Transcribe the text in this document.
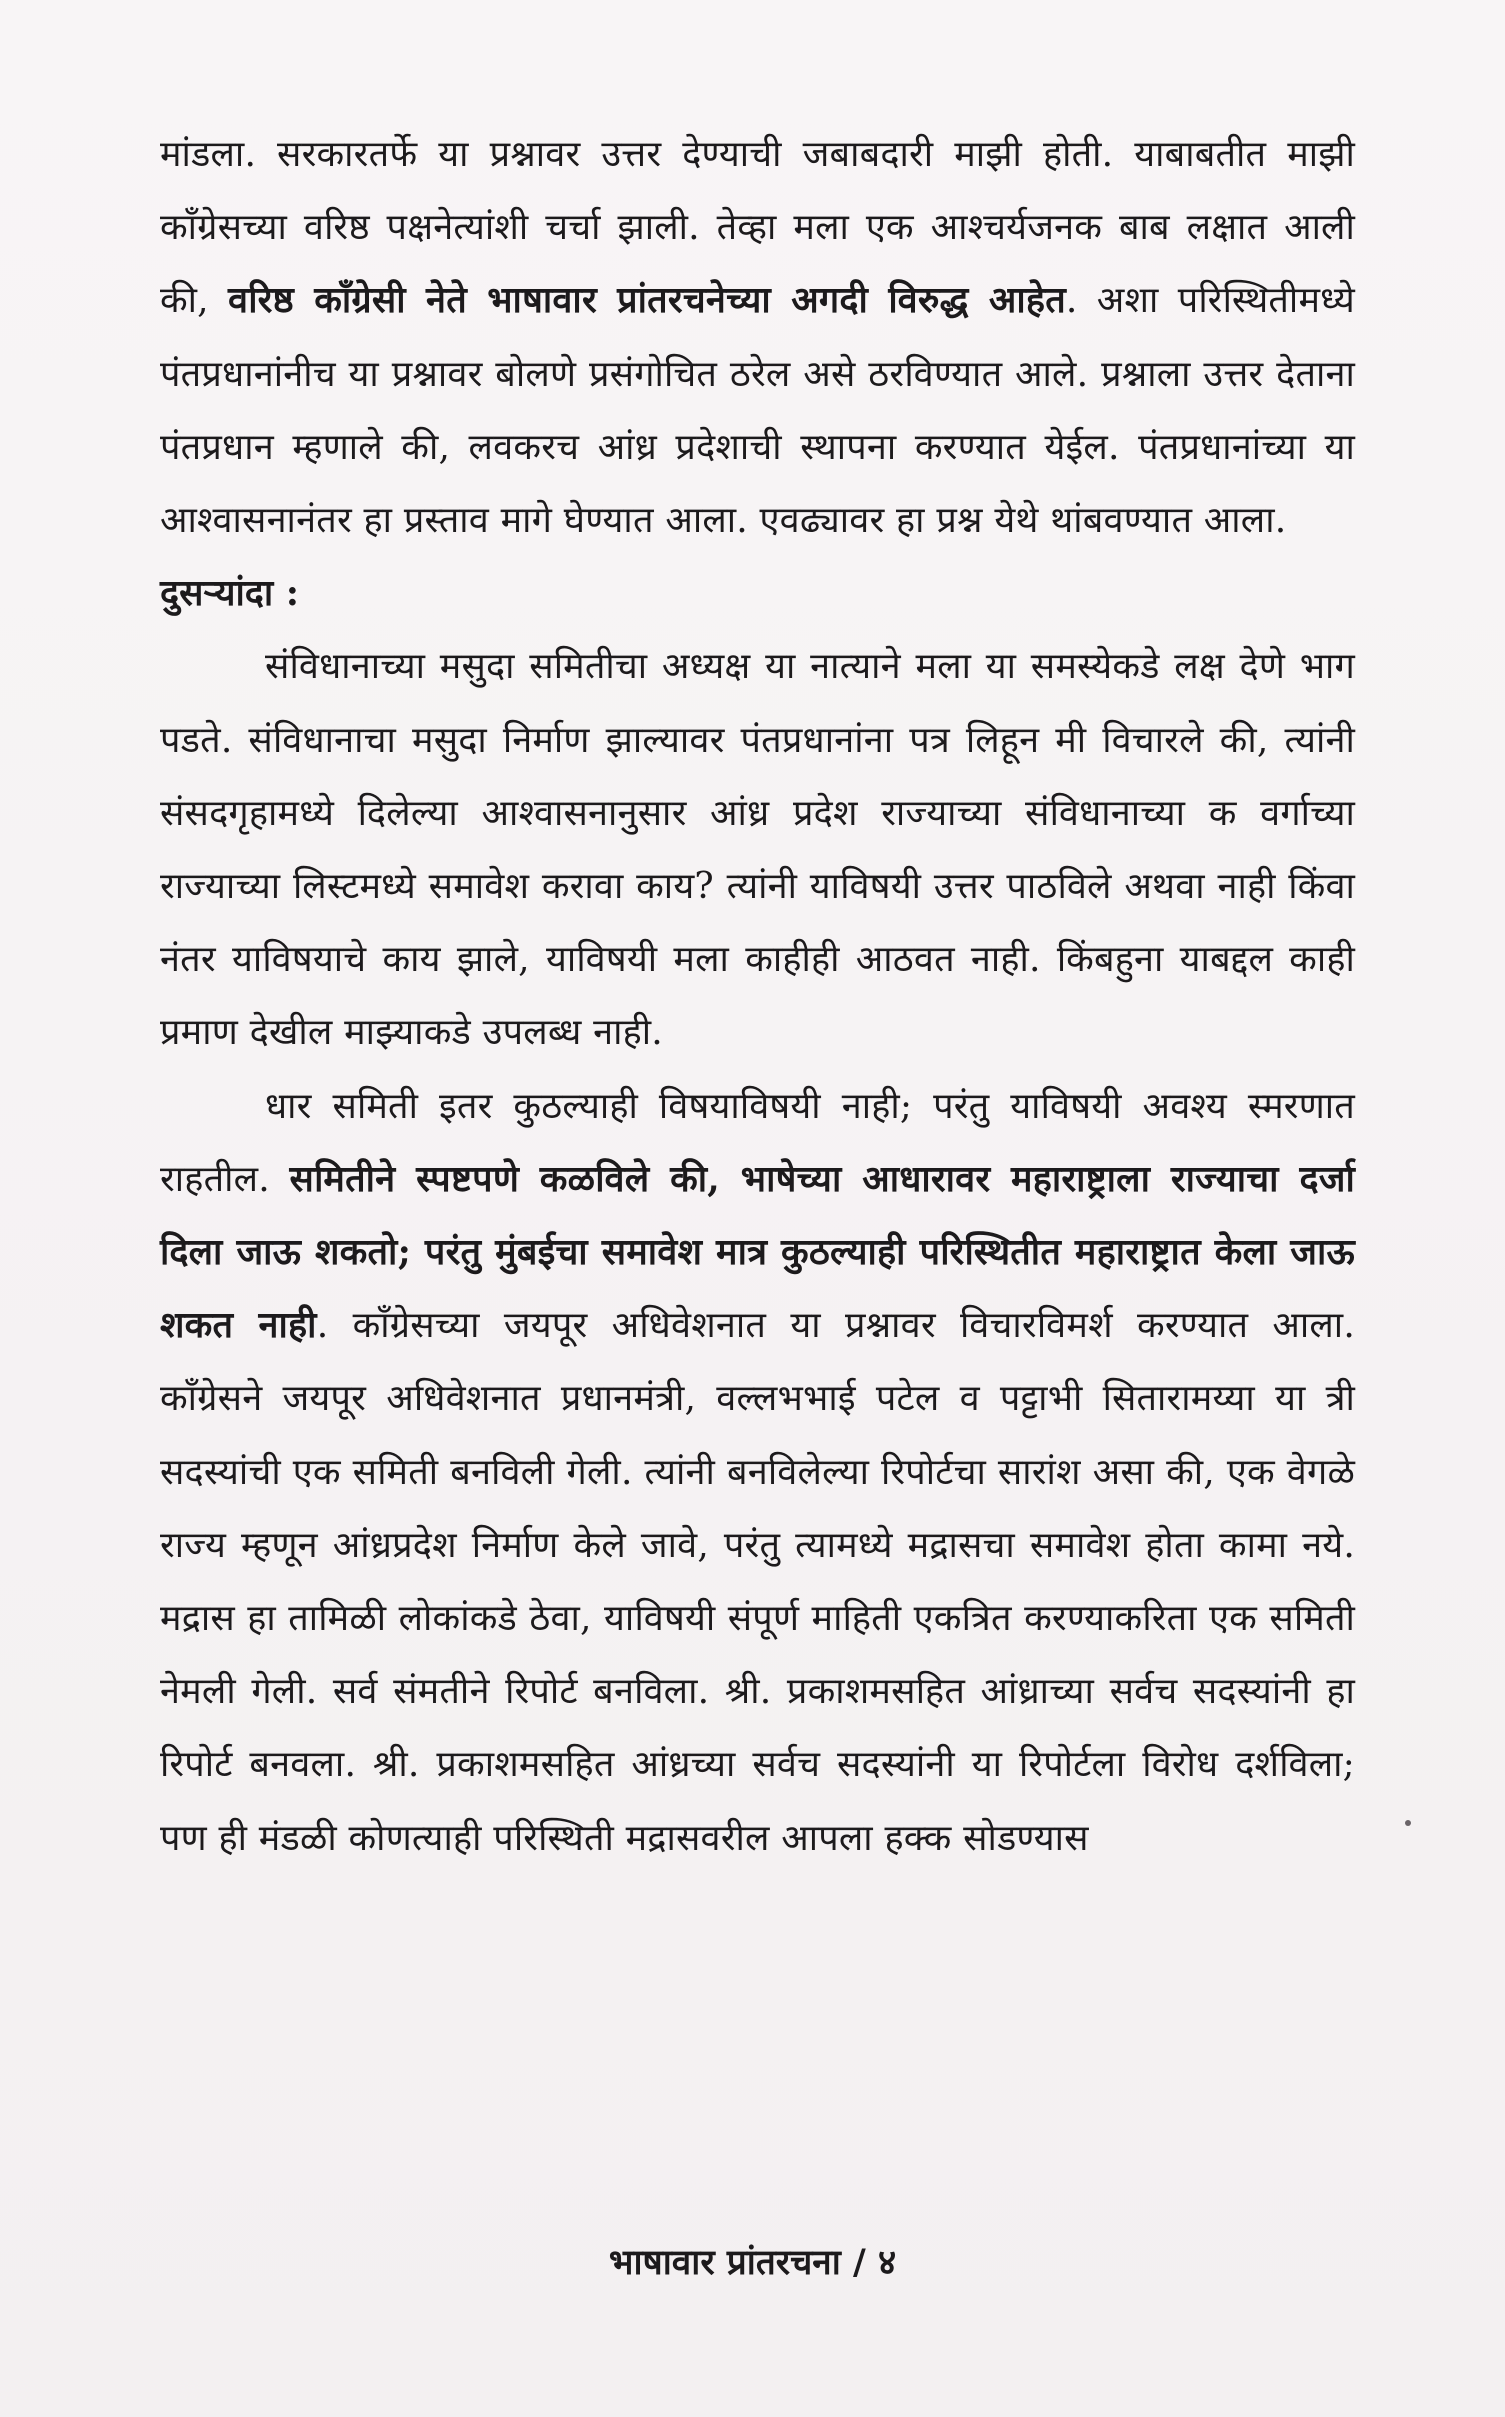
मांडला. सरकारतर्फे या प्रश्नावर उत्तर देण्याची जबाबदारी माझी होती. याबाबतीत माझी काँग्रेसच्या वरिष्ठ पक्षनेत्यांशी चर्चा झाली. तेव्हा मला एक आश्चर्यजनक बाब लक्षात आली की, वरिष्ठ काँग्रेसी नेते भाषावार प्रांतरचनेच्या अगदी विरुद्ध आहेत. अशा परिस्थितीमध्ये पंतप्रधानांनीच या प्रश्नावर बोलणे प्रसंगोचित ठरेल असे ठरविण्यात आले. प्रश्नाला उत्तर देताना पंतप्रधान म्हणाले की, लवकरच आंध्र प्रदेशाची स्थापना करण्यात येईल. पंतप्रधानांच्या या आश्वासनानंतर हा प्रस्ताव मागे घेण्यात आला. एवढ्यावर हा प्रश्न येथे थांबवण्यात आला.

दुसऱ्यांदा :

संविधानाच्या मसुदा समितीचा अध्यक्ष या नात्याने मला या समस्येकडे लक्ष देणे भाग पडते. संविधानाचा मसुदा निर्माण झाल्यावर पंतप्रधानांना पत्र लिहून मी विचारले की, त्यांनी संसदगृहामध्ये दिलेल्या आश्वासनानुसार आंध्र प्रदेश राज्याच्या संविधानाच्या क वर्गाच्या राज्याच्या लिस्टमध्ये समावेश करावा काय? त्यांनी याविषयी उत्तर पाठविले अथवा नाही किंवा नंतर याविषयाचे काय झाले, याविषयी मला काहीही आठवत नाही. किंबहुना याबद्दल काही प्रमाण देखील माझ्याकडे उपलब्ध नाही.

धार समिती इतर कुठल्याही विषयाविषयी नाही; परंतु याविषयी अवश्य स्मरणात राहतील. समितीने स्पष्टपणे कळविले की, भाषेच्या आधारावर महाराष्ट्राला राज्याचा दर्जा दिला जाऊ शकतो; परंतु मुंबईचा समावेश मात्र कुठल्याही परिस्थितीत महाराष्ट्रात केला जाऊ शकत नाही. काँग्रेसच्या जयपूर अधिवेशनात या प्रश्नावर विचारविमर्श करण्यात आला. काँग्रेसने जयपूर अधिवेशनात प्रधानमंत्री, वल्लभभाई पटेल व पट्टाभी सितारामय्या या त्री सदस्यांची एक समिती बनविली गेली. त्यांनी बनविलेल्या रिपोर्टचा सारांश असा की, एक वेगळे राज्य म्हणून आंध्रप्रदेश निर्माण केले जावे, परंतु त्यामध्ये मद्रासचा समावेश होता कामा नये. मद्रास हा तामिळी लोकांकडे ठेवा, याविषयी संपूर्ण माहिती एकत्रित करण्याकरिता एक समिती नेमली गेली. सर्व संमतीने रिपोर्ट बनविला. श्री. प्रकाशमसहित आंध्राच्या सर्वच सदस्यांनी हा रिपोर्ट बनवला. श्री. प्रकाशमसहित आंध्रच्या सर्वच सदस्यांनी या रिपोर्टला विरोध दर्शविला; पण ही मंडळी कोणत्याही परिस्थिती मद्रासवरील आपला हक्क सोडण्यास

भाषावार प्रांतरचना / ४
